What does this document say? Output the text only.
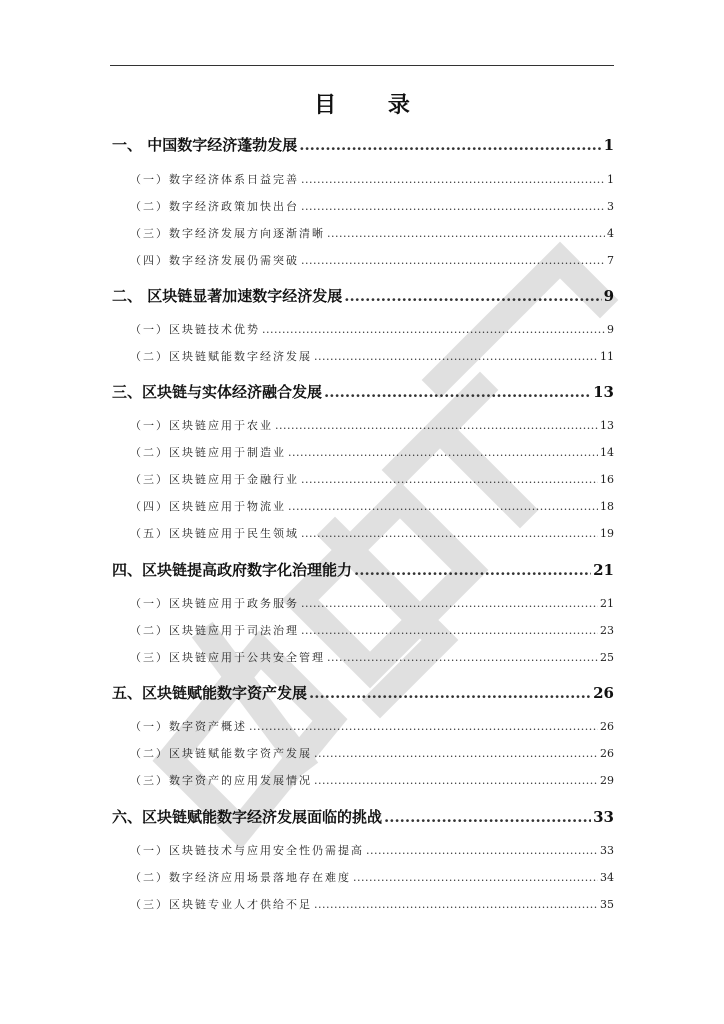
目 录
一、 中国数字经济蓬勃发展 .....	1
（一）数字经济体系日益完善 .....	1
（二）数字经济政策加快出台 .....	3
（三）数字经济发展方向逐渐清晰 .....	4
（四）数字经济发展仍需突破 .....	7
二、 区块链显著加速数字经济发展 .....	9
（一）区块链技术优势 .....	9
（二）区块链赋能数字经济发展 .....	11
三、区块链与实体经济融合发展 .....	13
（一）区块链应用于农业 .....	13
（二）区块链应用于制造业 .....	14
（三）区块链应用于金融行业 .....	16
（四）区块链应用于物流业 .....	18
（五）区块链应用于民生领域 .....	19
四、区块链提高政府数字化治理能力 .....	21
（一）区块链应用于政务服务 .....	21
（二）区块链应用于司法治理 .....	23
（三）区块链应用于公共安全管理 .....	25
五、区块链赋能数字资产发展 .....	26
（一）数字资产概述 .....	26
（二）区块链赋能数字资产发展 .....	26
（三）数字资产的应用发展情况 .....	29
六、区块链赋能数字经济发展面临的挑战 .....	33
（一）区块链技术与应用安全性仍需提高 .....	33
（二）数字经济应用场景落地存在难度 .....	34
（三）区块链专业人才供给不足 .....	35
